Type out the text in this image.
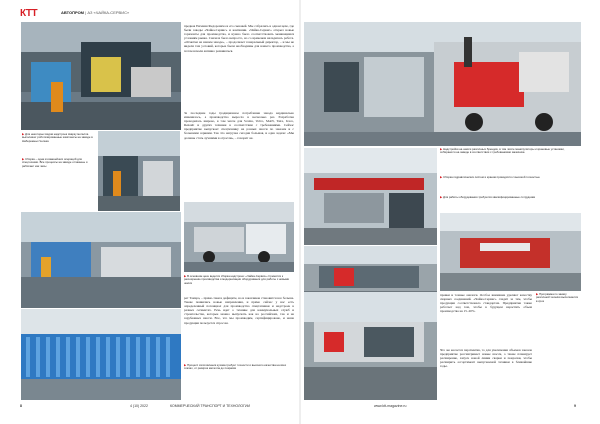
КТТ	АВТОПРОМ | АЗ «ЧАЙКА-СЕРВИС»
▶ Для некоторых видов надстроек сварку металла выполняют роботизированные комплексы на заводе в Набережных Челнах
▶ Сборка – одна из важнейших операций для спецтехники. Все процессы на заводе отлажены и работают как часы
предков Евгения Федоровича и его сыновей. Мы собрались в одном цехе, где были заводы «Чайка-Сервис» и компании. «Чайка-Сервис» открыл новые горизонты для производства, и нужно было соответствовать меняющимся условиям рынка. Сначала было непросто, но со временем наладилась работа. «Отметки на нашем заводе», – продолжает генеральный директор, – и мы не видели там условий, которые были необходимы для нашего производства, а потом начали активно развиваться.
За последние годы традиционное потребление завода кардинально изменилось, а производство выросло в несколько раз. Разработка проводилась широко, в том числе для Scania, Volvo, MAN, Tatra, Iveco, Renault и других техники в соответствии с требованиями. Сейчас предприятие выпускает спецтехнику на разных шасси по заказам и с большими сериями. Так что нагрузка сегодня большая, и одна задача: «Мы должны стать лучшими в отрасли», – говорит он.
▶ В основном цехе ведется сборка надстроек: «Чайка-Сервис» стремится к расширению производства и модернизации оборудования для работы с новыми шасси
рет Тамара, – прямо-таки в дефиците, но и заказчиков становится все больше. Также появились новые направления, и прямо сейчас у нас есть определенный потенциал для производства спецтехники и надстроек в разных сегментах. Речь идет о технике для коммунальных служб и строительства, которые можно выпускать как на российских, так и на зарубежных шасси. Все, что мы производим, сертифицировано, и наша продукция пользуется спросом.
▶ Процесс изготовления кузова требует точности и высокого качества на всех этапах, от раскроя металла до покраски
8	4 (10) 2022	КОММЕРЧЕСКИЙ ТРАНСПОРТ И ТЕХНОЛОГИИ
▶ Надстройки на шасси различных брендов, в том числе манипуляторы и крановые установки, собираются на заводе в соответствии с требованиями заказчика
▶ Сборка гидравлических систем и кранов проводится с высокой точностью
▶ Для работы оборудования требуются квалифицированные сотрудники
правки и точные аналоги. Особое внимание уделяют качеству сварных соединений. «Чайка-Сервис» следит за тем, чтобы продукция соответствовала стандартам. Предприятие также работает над тем, чтобы в будущем нарастить объем производства на 15–20%.
Что же касается перспектив, то для увеличения объемов заказов предприятие рассматривает новые шасси, а также планирует расширение, запуск новой линии сварки и покраски, чтобы расширить ассортимент выпускаемой техники в ближайшие годы.
▶ Программа по заказу различной техники выполняется в срок
www.ktt-magazine.ru	9
